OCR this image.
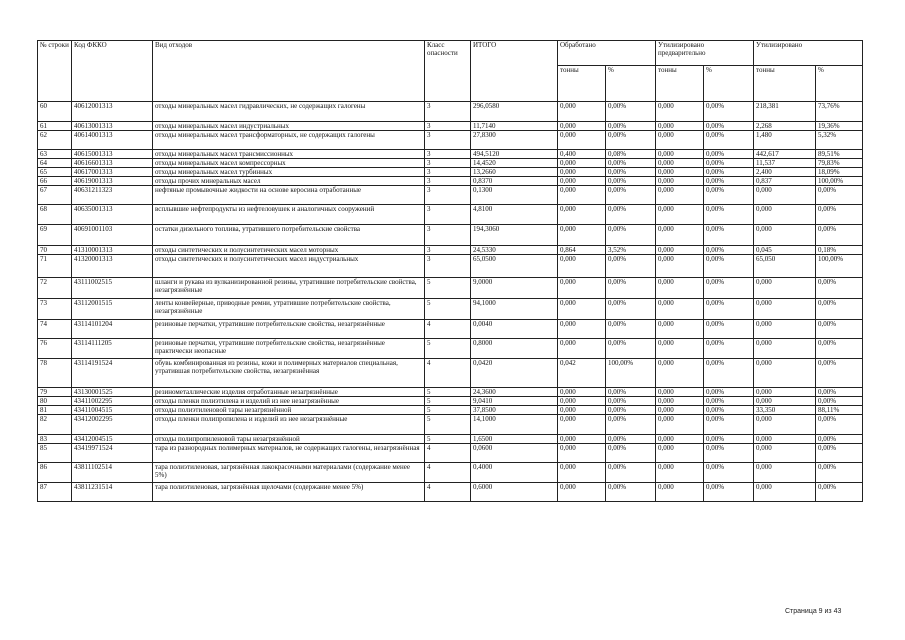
№ строки	Код ФККО	Вид отходов	Класс опасности	ИТОГО	Обработано		Утилизировано предварительно		Утилизировано	
					тонны	%	тонны	%	тонны	%
60	40612001313	отходы минеральных масел гидравлических, не содержащих галогены	3	296,0580	0,000	0,00%	0,000	0,00%	218,381	73,76%
61	40613001313	отходы минеральных масел индустриальных	3	11,7140	0,000	0,00%	0,000	0,00%	2,268	19,36%
62	40614001313	отходы минеральных масел трансформаторных, не содержащих галогены	3	27,8300	0,000	0,00%	0,000	0,00%	1,480	5,32%
63	40615001313	отходы минеральных масел трансмиссионных	3	494,5120	0,400	0,08%	0,000	0,00%	442,617	89,51%
64	40616601313	отходы минеральных масел компрессорных	3	14,4520	0,000	0,00%	0,000	0,00%	11,537	79,83%
65	40617001313	отходы минеральных масел турбинных	3	13,2660	0,000	0,00%	0,000	0,00%	2,400	18,09%
66	40619001313	отходы прочих минеральных масел	3	0,8370	0,000	0,00%	0,000	0,00%	0,837	100,00%
67	40631211323	нефтяные промывочные жидкости на основе керосина отработанные	3	0,1300	0,000	0,00%	0,000	0,00%	0,000	0,00%
68	40635001313	всплывшие нефтепродукты из нефтеловушек и аналогичных сооружений	3	4,8100	0,000	0,00%	0,000	0,00%	0,000	0,00%
69	40691001103	остатки дизельного топлива, утратившего потребительские свойства	3	194,3060	0,000	0,00%	0,000	0,00%	0,000	0,00%
70	41310001313	отходы синтетических и полусинтетических масел моторных	3	24,5330	0,864	3,52%	0,000	0,00%	0,045	0,18%
71	41320001313	отходы синтетических и полусинтетических масел индустриальных	3	65,0500	0,000	0,00%	0,000	0,00%	65,050	100,00%
72	43111002515	шланги и рукава из вулканизированной резины, утратившие потребительские свойства, незагрязнённые	5	9,0000	0,000	0,00%	0,000	0,00%	0,000	0,00%
73	43112001515	ленты конвейерные, приводные ремни, утратившие потребительские свойства, незагрязнённые	5	94,1000	0,000	0,00%	0,000	0,00%	0,000	0,00%
74	43114101204	резиновые перчатки, утратившие потребительские свойства, незагрязнённые	4	0,0040	0,000	0,00%	0,000	0,00%	0,000	0,00%
76	43114111205	резиновые перчатки, утратившие потребительские свойства, незагрязнённые практически неопасные	5	0,8000	0,000	0,00%	0,000	0,00%	0,000	0,00%
78	43114191524	обувь комбинированная из резины, кожи и полимерных материалов специальная, утратившая потребительские свойства, незагрязнённая	4	0,0420	0,042	100,00%	0,000	0,00%	0,000	0,00%
79	43130001525	резинометаллические изделия отработанные незагрязнённые	5	24,3600	0,000	0,00%	0,000	0,00%	0,000	0,00%
80	43411002295	отходы пленки полиэтилена и изделий из нее незагрязнённые	5	9,0410	0,000	0,00%	0,000	0,00%	0,000	0,00%
81	43411004515	отходы полиэтиленовой тары незагрязнённой	5	37,8500	0,000	0,00%	0,000	0,00%	33,350	88,11%
82	43412002295	отходы пленки полипропилена и изделий из нее незагрязнённые	5	14,1000	0,000	0,00%	0,000	0,00%	0,000	0,00%
83	43412004515	отходы полипропиленовой тары незагрязнённой	5	1,6500	0,000	0,00%	0,000	0,00%	0,000	0,00%
85	43419971524	тара из разнородных полимерных материалов, не содержащих галогены, незагрязнённая	4	0,0600	0,000	0,00%	0,000	0,00%	0,000	0,00%
86	43811102514	тара полиэтиленовая, загрязнённая лакокрасочными материалами (содержание менее 5%)	4	0,4000	0,000	0,00%	0,000	0,00%	0,000	0,00%
87	43811231514	тара полиэтиленовая, загрязнённая щелочами (содержание менее 5%)	4	0,6000	0,000	0,00%	0,000	0,00%	0,000	0,00%
Страница 9 из 43
